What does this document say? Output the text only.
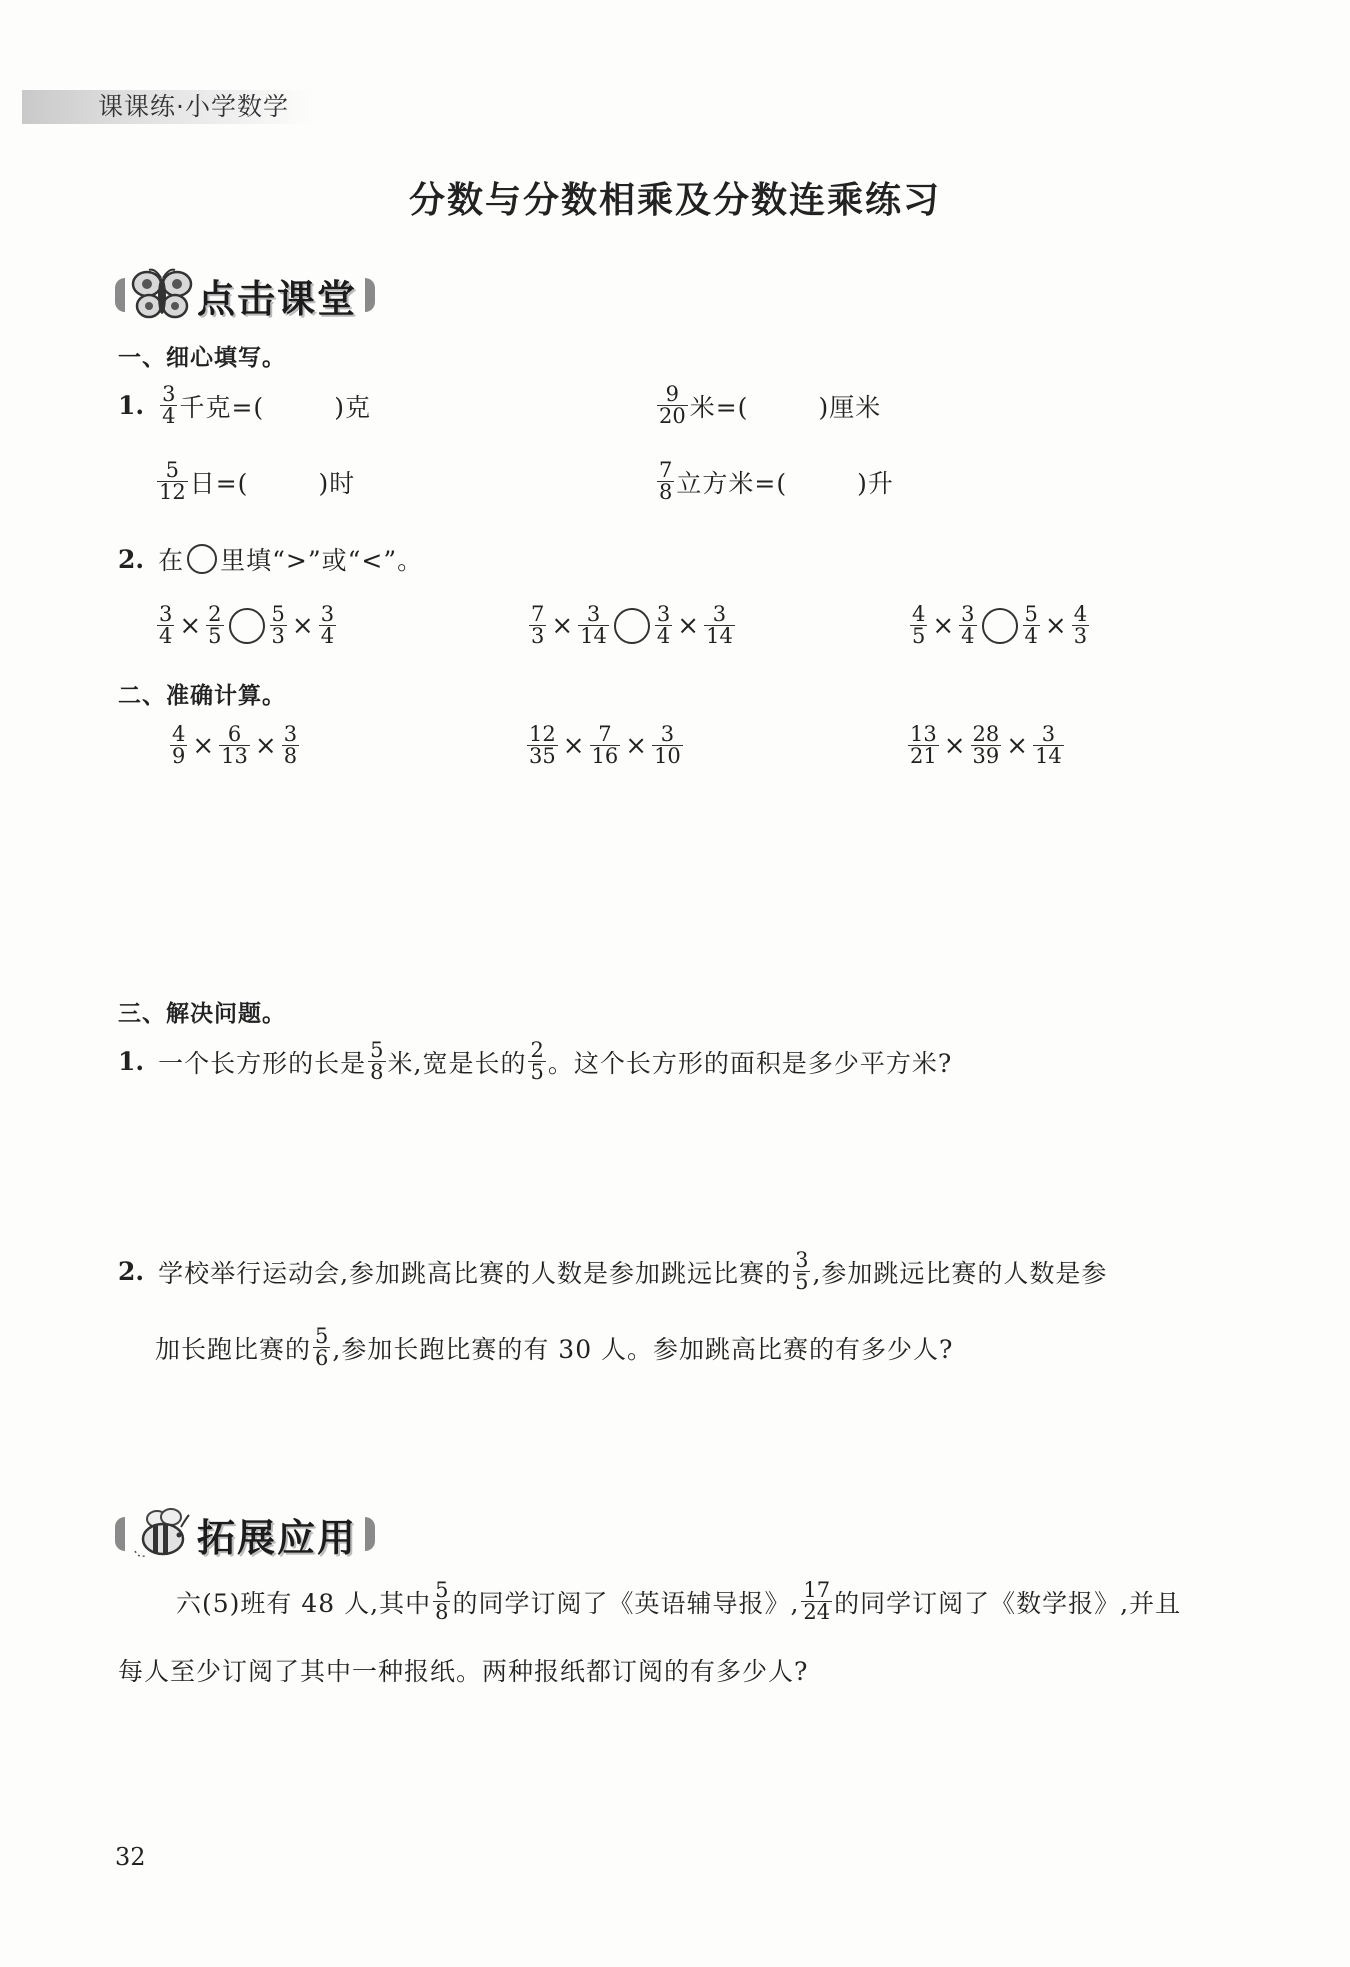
课课练·小学数学
分数与分数相乘及分数连乘练习
点击课堂
一、细心填写。
1. $\frac{3}{4}$ 千克=(	)克	$\frac{9}{20}$ 米=(	)厘米
$\frac{5}{12}$ 日=(	)时	$\frac{7}{8}$ 立方米=(	)升
2. 在 里填“>”或“<”。
$\frac{3}{4} \times \frac{2}{5} \frac{5}{3} \times \frac{3}{4}$	$\frac{7}{3} \times \frac{3}{14} \frac{3}{4} \times \frac{3}{14}$	$\frac{4}{5} \times \frac{3}{4} \frac{5}{4} \times \frac{4}{3}$
二、准确计算。
$\frac{4}{9} \times \frac{6}{13} \times \frac{3}{8}$	$\frac{12}{35} \times \frac{7}{16} \times \frac{3}{10}$	$\frac{13}{21} \times \frac{28}{39} \times \frac{3}{14}$
三、解决问题。
1. 一个长方形的长是 $\frac{5}{8}$ 米,宽是长的 $\frac{2}{5}$ 。这个长方形的面积是多少平方米?
2. 学校举行运动会,参加跳高比赛的人数是参加跳远比赛的 $\frac{3}{5}$ ,参加跳远比赛的人数是参
加长跑比赛的 $\frac{5}{6}$ ,参加长跑比赛的有 30 人。参加跳高比赛的有多少人?
拓展应用
六(5)班有 48 人,其中 $\frac{5}{8}$ 的同学订阅了《英语辅导报》, $\frac{17}{24}$ 的同学订阅了《数学报》,并且
每人至少订阅了其中一种报纸。两种报纸都订阅的有多少人?
32
